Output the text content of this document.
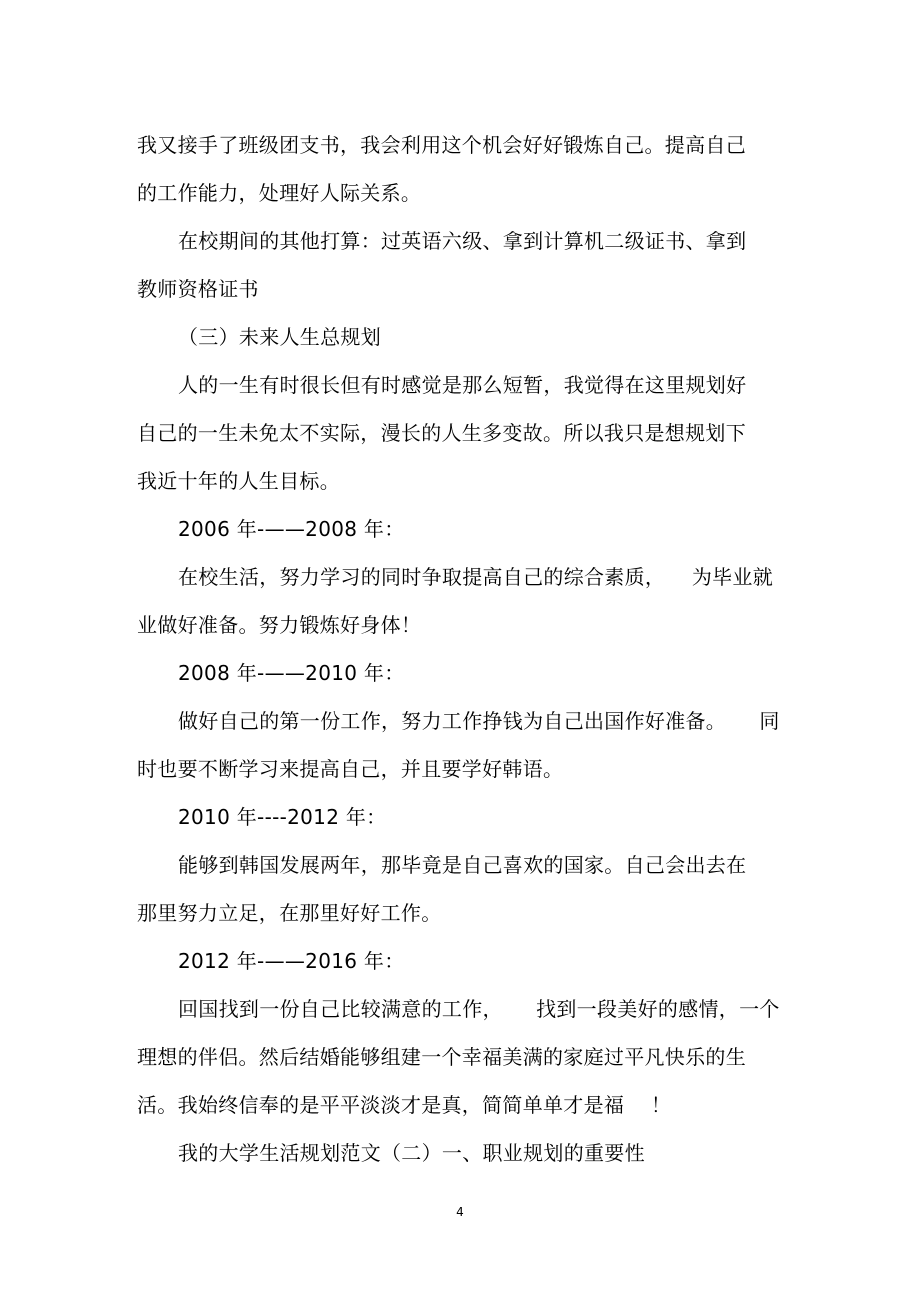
我又接手了班级团支书，我会利用这个机会好好锻炼自己。提高自己
的工作能力，处理好人际关系。
在校期间的其他打算：过英语六级、拿到计算机二级证书、拿到
教师资格证书
（三）未来人生总规划
人的一生有时很长但有时感觉是那么短暂，我觉得在这里规划好
自己的一生未免太不实际，漫长的人生多变故。所以我只是想规划下
我近十年的人生目标。
2006 年-——2008 年：
在校生活，努力学习的同时争取提高自己的综合素质，    为毕业就
业做好准备。努力锻炼好身体！
2008 年-——2010 年：
做好自己的第一份工作，努力工作挣钱为自己出国作好准备。     同
时也要不断学习来提高自己，并且要学好韩语。
2010 年----2012 年：
能够到韩国发展两年，那毕竟是自己喜欢的国家。自己会出去在
那里努力立足，在那里好好工作。
2012 年-——2016 年：
回国找到一份自己比较满意的工作，     找到一段美好的感情，一个
理想的伴侣。然后结婚能够组建一个幸福美满的家庭过平凡快乐的生
活。我始终信奉的是平平淡淡才是真，简简单单才是福    ！
我的大学生活规划范文（二）一、职业规划的重要性
4
